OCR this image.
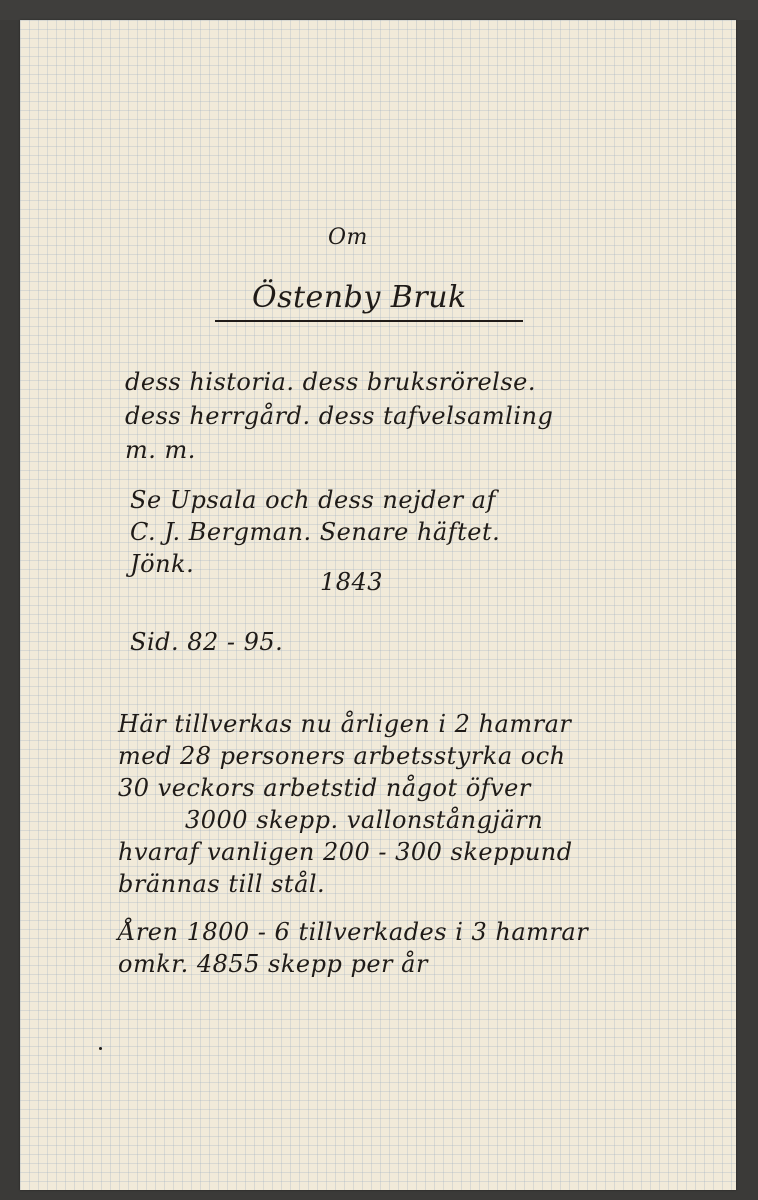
Om
Östenby Bruk
dess historia. dess bruksrörelse.
dess herrgård. dess tafvelsamling
m. m.
Se Upsala och dess nejder af
C. J. Bergman. Senare häftet.
Jönk.
1843
Sid. 82 - 95.
Här tillverkas nu årligen i 2 hamrar
med 28 personers arbetsstyrka och
30 veckors arbetstid något öfver
3000 skepp. vallonstångjärn
hvaraf vanligen 200 - 300 skeppund
brännas till stål.
Åren 1800 - 6 tillverkades i 3 hamrar
omkr. 4855 skepp per år
